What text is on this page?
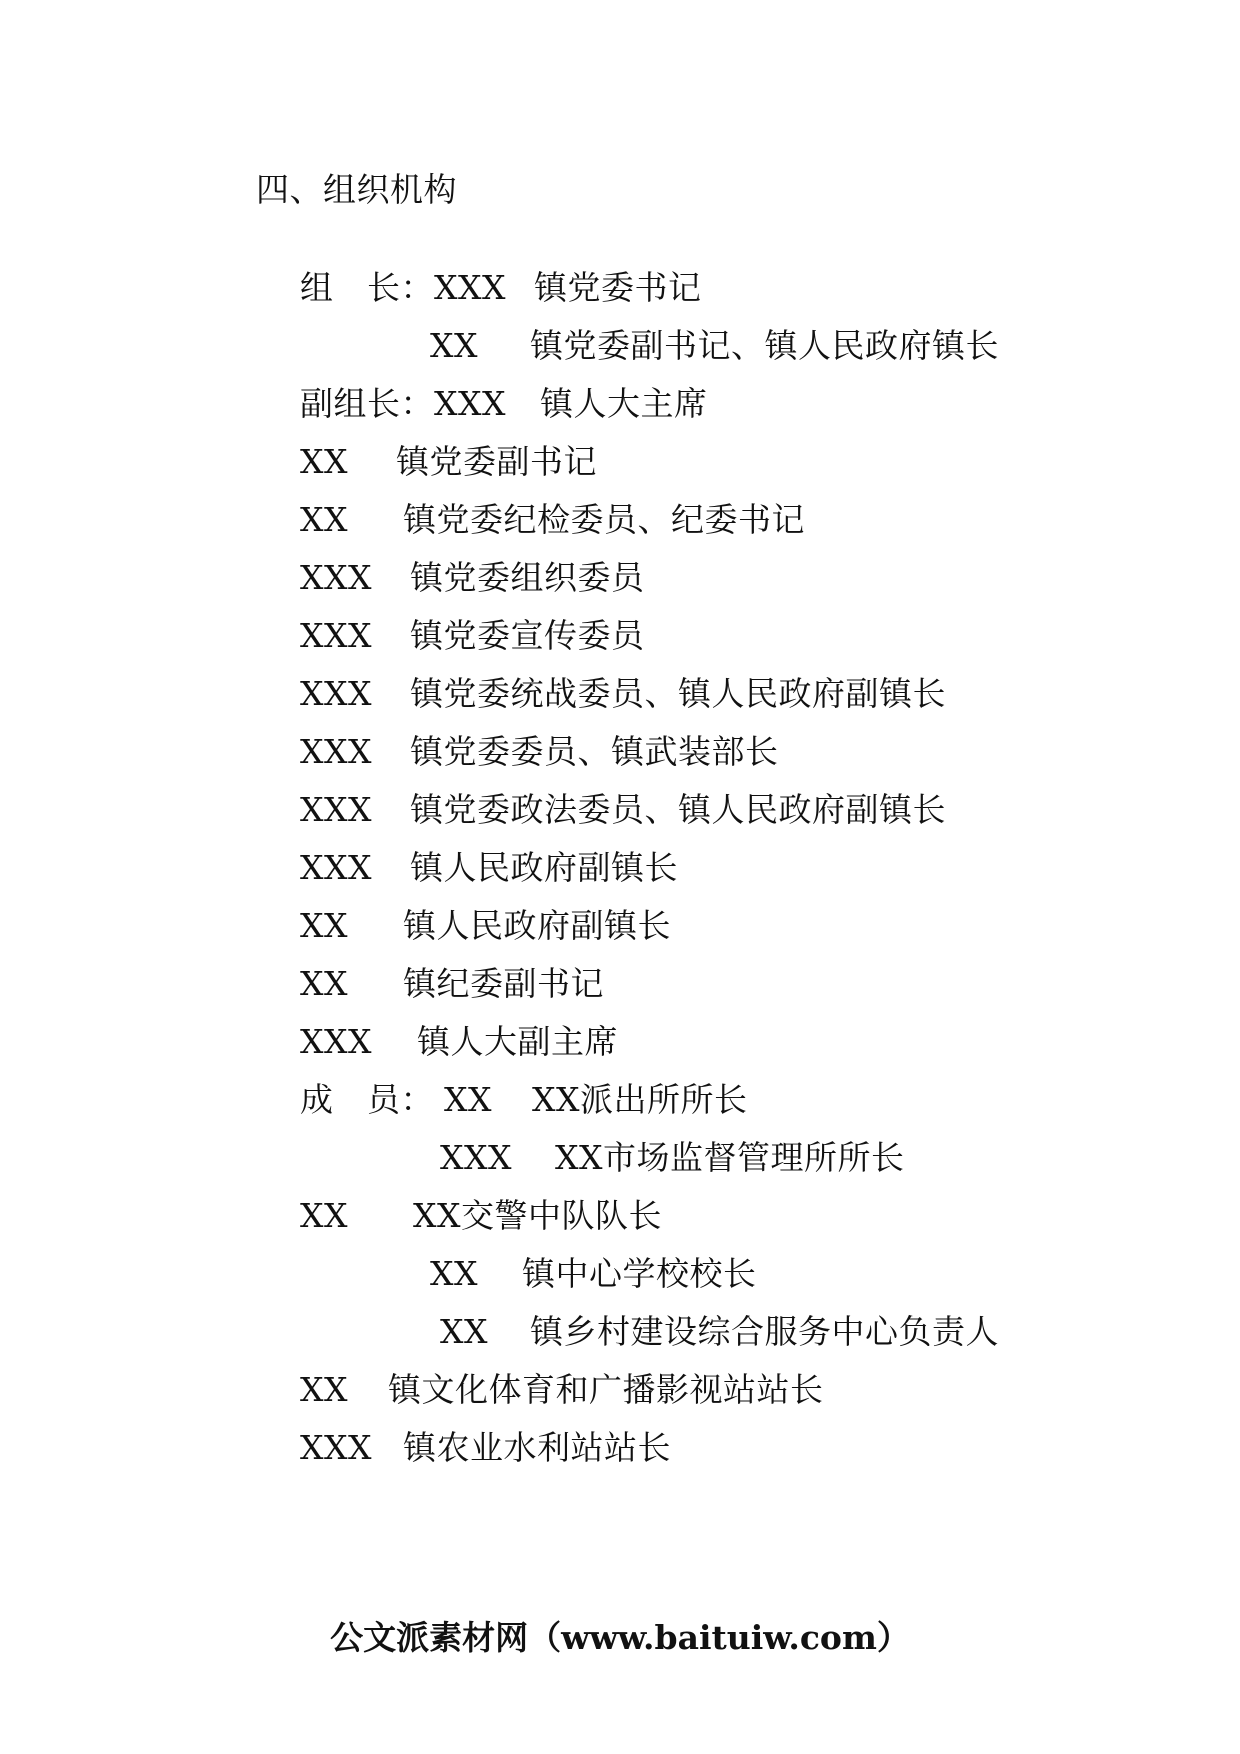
四、组织机构

组　长：XXX 镇党委书记

XX 镇党委副书记、镇人民政府镇长

副组长：XXX 镇人大主席

XX 镇党委副书记

XX 镇党委纪检委员、纪委书记

XXX 镇党委组织委员

XXX 镇党委宣传委员

XXX 镇党委统战委员、镇人民政府副镇长

XXX 镇党委委员、镇武装部长

XXX 镇党委政法委员、镇人民政府副镇长

XXX 镇人民政府副镇长

XX 镇人民政府副镇长

XX 镇纪委副书记

XXX 镇人大副主席

成　员： XX XX派出所所长

XXX XX市场监督管理所所长

XX XX交警中队队长

XX 镇中心学校校长

XX 镇乡村建设综合服务中心负责人

XX 镇文化体育和广播影视站站长

XXX 镇农业水利站站长

公文派素材网（www.baituiw.com）
